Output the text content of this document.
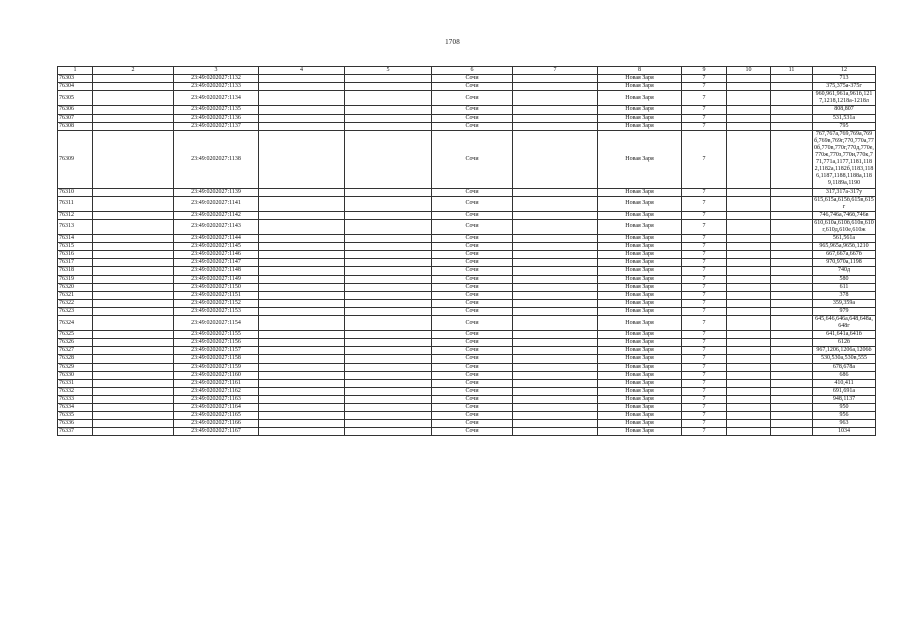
1708
1	2	3	4	5	6	7	8	9	10	11	12
76303		23:49:0202027:1132			Сочи		Новая Заря	7			713
76304		23:49:0202027:1133			Сочи		Новая Заря	7			375,375а-375г
76305		23:49:0202027:1134			Сочи		Новая Заря	7			960,961,961а,961б,1217,1218,1218а-1218л
76306		23:49:0202027:1135			Сочи		Новая Заря	7			808,807
76307		23:49:0202027:1136			Сочи		Новая Заря	7			531,531а
76308		23:49:0202027:1137			Сочи		Новая Заря	7			795
76309		23:49:0202027:1138			Сочи		Новая Заря	7			767,767а,769,769а,769б,769в,769г,770,770а,770б,770в,770г,770д,770е,770ж,770з,770и,770к,771,771а,1177,1181,1182,1182а,1182б,1183,1186,1187,1188,1188а,1189,1189а,1190
76310		23:49:0202027:1139			Сочи		Новая Заря	7			317,317а-317у
76311		23:49:0202027:1141			Сочи		Новая Заря	7			615,615а,615б,615в,615г
76312		23:49:0202027:1142			Сочи		Новая Заря	7			746,746а,746б,746в
76313		23:49:0202027:1143			Сочи		Новая Заря	7			610,610а,610б,610в,610г,610д,610е,610ж
76314		23:49:0202027:1144			Сочи		Новая Заря	7			561,561а
76315		23:49:0202027:1145			Сочи		Новая Заря	7			965,965а,965б,1210
76316		23:49:0202027:1146			Сочи		Новая Заря	7			667,667а,667б
76317		23:49:0202027:1147			Сочи		Новая Заря	7			970,970а,1198
76318		23:49:0202027:1148			Сочи		Новая Заря	7			740д
76319		23:49:0202027:1149			Сочи		Новая Заря	7			580
76320		23:49:0202027:1150			Сочи		Новая Заря	7			611
76321		23:49:0202027:1151			Сочи		Новая Заря	7			378
76322		23:49:0202027:1152			Сочи		Новая Заря	7			359,359а
76323		23:49:0202027:1153			Сочи		Новая Заря	7			979
76324		23:49:0202027:1154			Сочи		Новая Заря	7			645,646,646а,648,648а,648г
76325		23:49:0202027:1155			Сочи		Новая Заря	7			641,641а,641б
76326		23:49:0202027:1156			Сочи		Новая Заря	7			612б
76327		23:49:0202027:1157			Сочи		Новая Заря	7			967,1206,1206а,1206б
76328		23:49:0202027:1158			Сочи		Новая Заря	7			530,530а,530в,555
76329		23:49:0202027:1159			Сочи		Новая Заря	7			678,678а
76330		23:49:0202027:1160			Сочи		Новая Заря	7			686
76331		23:49:0202027:1161			Сочи		Новая Заря	7			410,411
76332		23:49:0202027:1162			Сочи		Новая Заря	7			691,691а
76333		23:49:0202027:1163			Сочи		Новая Заря	7			948,1137
76334		23:49:0202027:1164			Сочи		Новая Заря	7			950
76335		23:49:0202027:1165			Сочи		Новая Заря	7			956
76336		23:49:0202027:1166			Сочи		Новая Заря	7			963
76337		23:49:0202027:1167			Сочи		Новая Заря	7			1034
